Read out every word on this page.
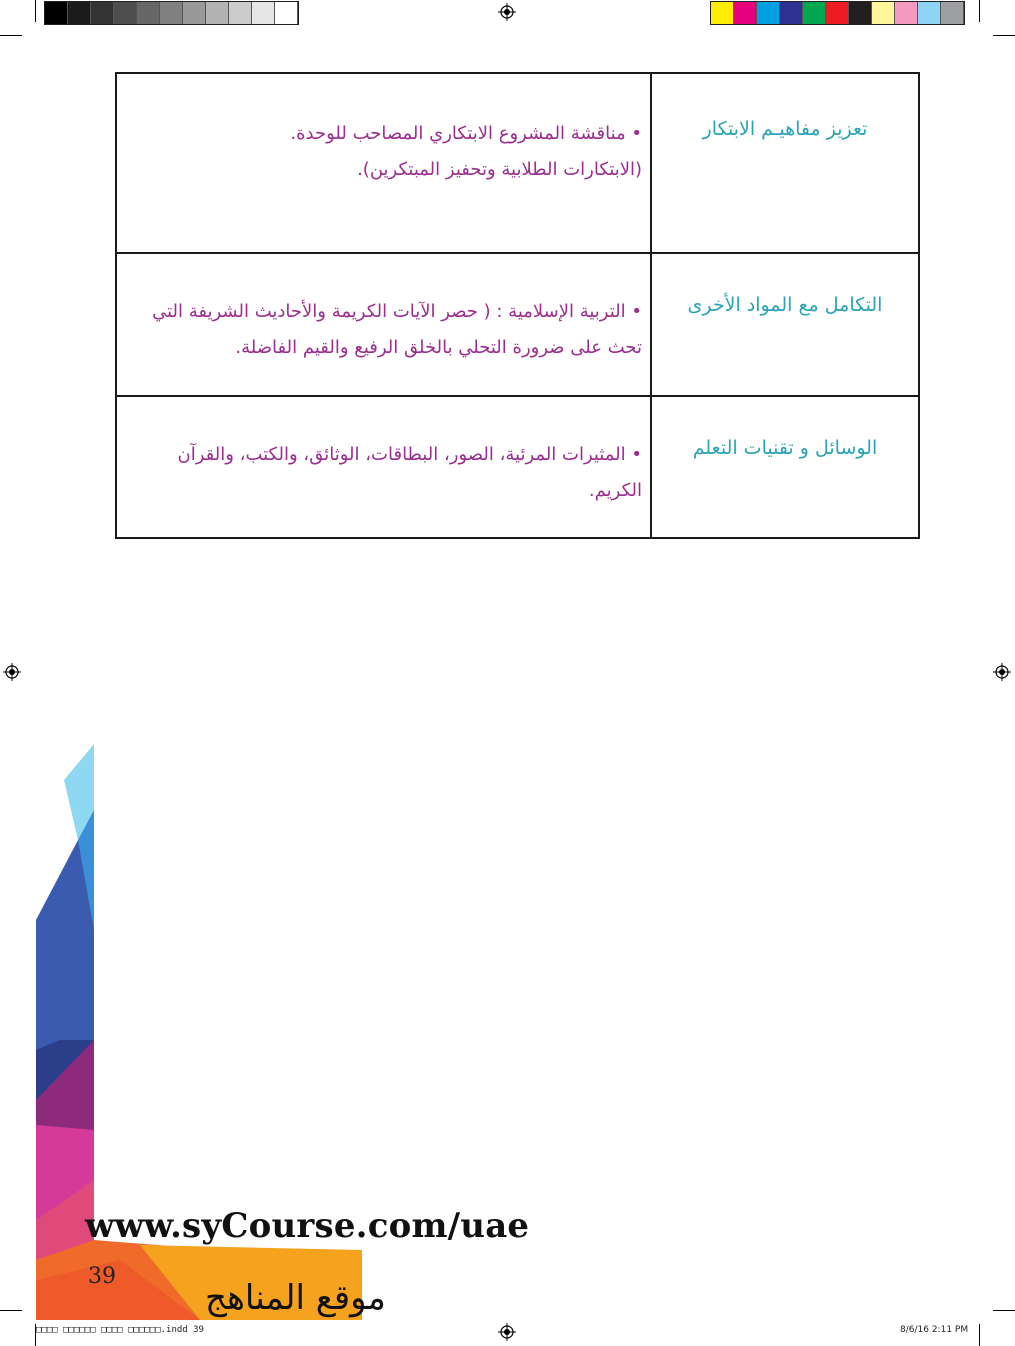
تعزيز مفاهيـم الابتكار	• مناقشة المشروع الابتكاري المصاحب للوحدة.
(الابتكارات الطلابية وتحفيز المبتكرين).

التكامل مع المواد الأخرى	• التربية الإسلامية : ( حصر الآيات الكريمة والأحاديث الشريفة التي
تحث على ضرورة التحلي بالخلق الرفيع والقيم الفاضلة.

الوسائل و تقنيات التعلم	• المثيرات المرئية، الصور، البطاقات، الوثائق، والكتب، والقرآن الكريم.
www.syCourse.com/uae
39
موقع المناهج
□□□□ □□□□□□ □□□□ □□□□□□.indd 39	8/6/16 2:11 PM
